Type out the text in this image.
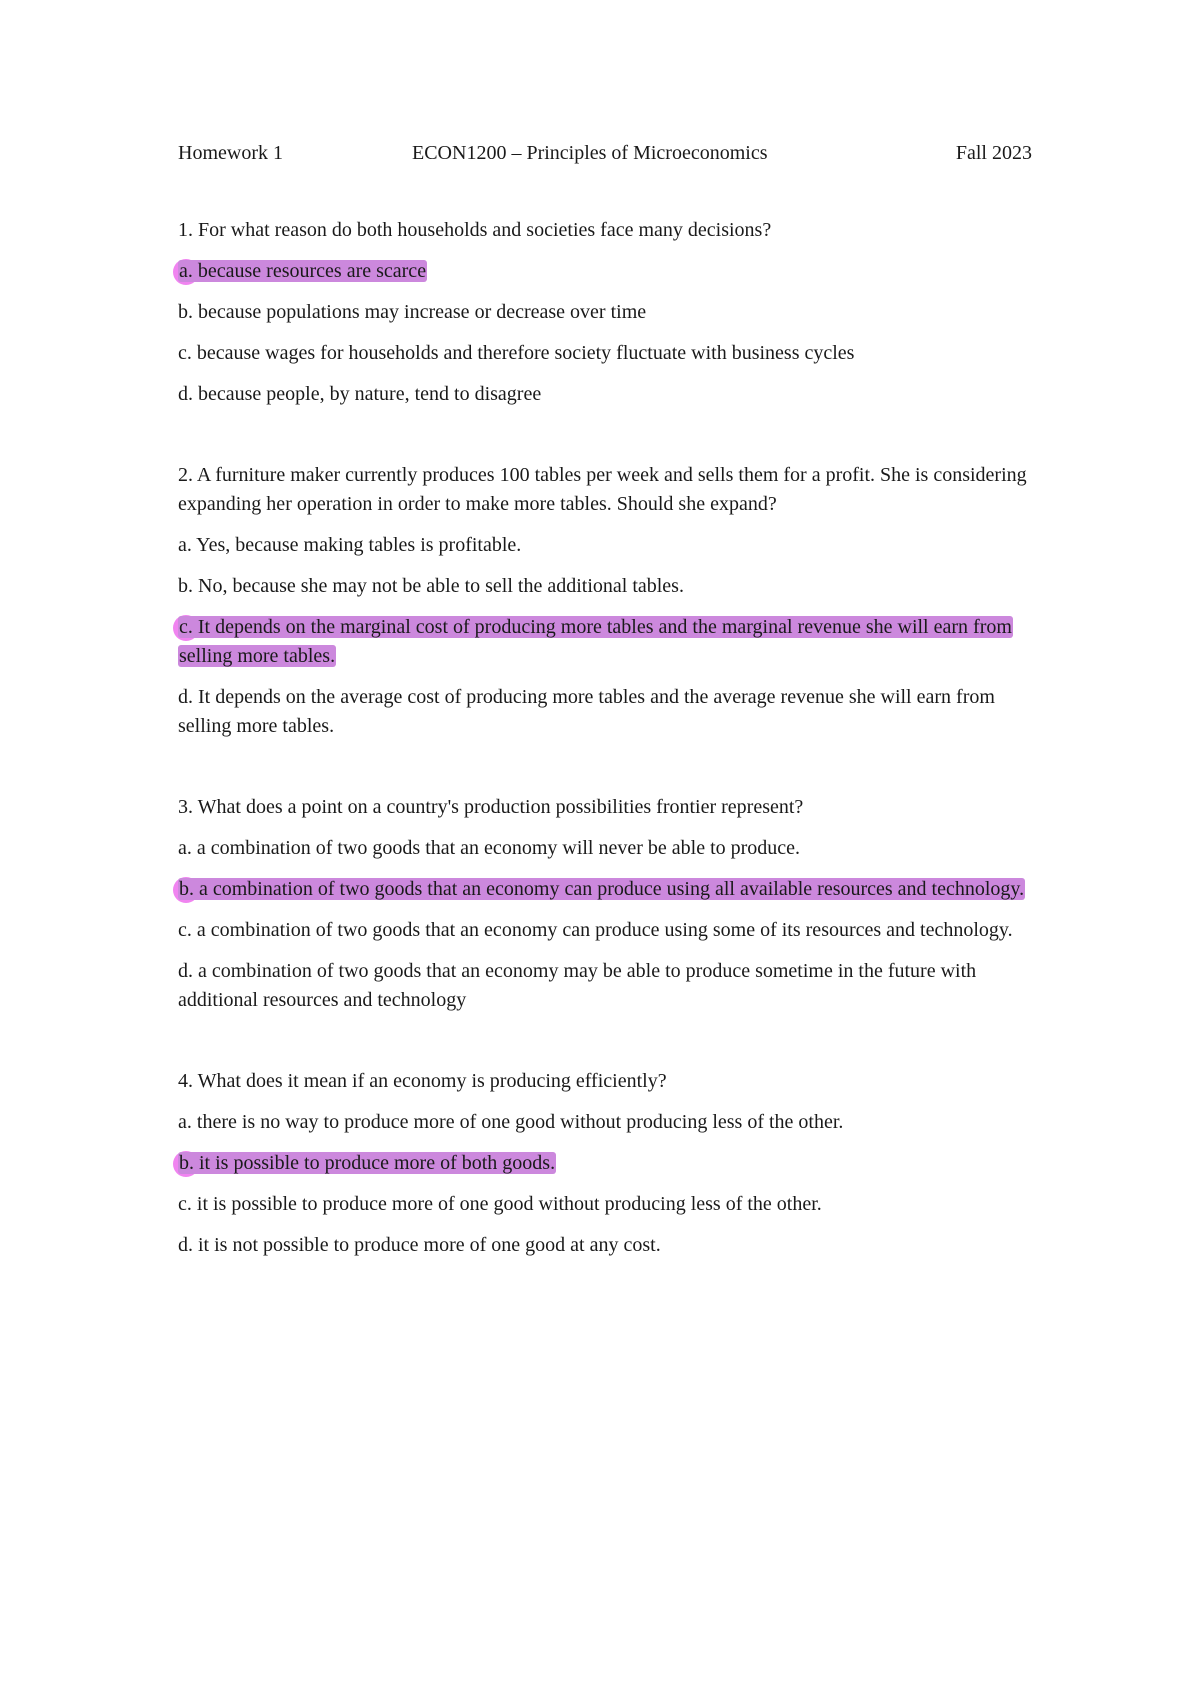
Homework 1	ECON1200 – Principles of Microeconomics	Fall 2023
1. For what reason do both households and societies face many decisions?
a. because resources are scarce
b. because populations may increase or decrease over time
c. because wages for households and therefore society fluctuate with business cycles
d. because people, by nature, tend to disagree
2. A furniture maker currently produces 100 tables per week and sells them for a profit. She is considering expanding her operation in order to make more tables. Should she expand?
a. Yes, because making tables is profitable.
b. No, because she may not be able to sell the additional tables.
c. It depends on the marginal cost of producing more tables and the marginal revenue she will earn from selling more tables.
d. It depends on the average cost of producing more tables and the average revenue she will earn from selling more tables.
3. What does a point on a country's production possibilities frontier represent?
a. a combination of two goods that an economy will never be able to produce.
b. a combination of two goods that an economy can produce using all available resources and technology.
c. a combination of two goods that an economy can produce using some of its resources and technology.
d. a combination of two goods that an economy may be able to produce sometime in the future with additional resources and technology
4. What does it mean if an economy is producing efficiently?
a. there is no way to produce more of one good without producing less of the other.
b. it is possible to produce more of both goods.
c. it is possible to produce more of one good without producing less of the other.
d. it is not possible to produce more of one good at any cost.
